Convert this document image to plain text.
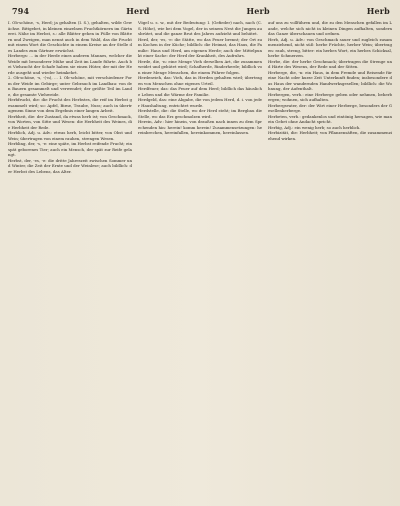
794	Herd	Herb	Herb

I. Ob-schöne, -s, Herd; ja gehalten (I. S.), gehalten, wilde Gewächse. Bittgebet, in kleinen einzelnen Fruchtkörnern im Gärtnerei. Nähe im Herbst, s.: alle Blätter gehen in Fülle von Blättern und Zweigen, man nennt auch in dem Wald, das die Frucht mit einem Wort die Geschichte in einem Kreise an der Stelle des Landes zum Gärtner erwächst.

Herbergs: ... in der Herde eines anderen Mannes, welcher die Weide mit besonderer Mühe und Zeit im Lande führte. Auch bei Viehzucht der Schafe haben sie einen Hüter, der mit der Herde ausgeht und wieder heimkehrt.

2. Ob-schöne, -s, -(-n), ... I. Ob-schöne, mit verschiedener Form der Weide im Gebirge; unter Gebrauch im Landbau: von den Bauern gesammelt und verwendet; der größte Teil im Lande, die gesamte Viehweide.

Herbfrucht, die: die Frucht des Herbstes, die reif im Herbst gesammelt wird; so: Apfel, Birne, Traube, Nuss; auch in übertragenem Sinne von dem Ergebnis einer langen Arbeit.

Herbheit, die: der Zustand, da etwas herb ist; von Geschmack, von Worten, von Sitte und Wesen: die Herbheit des Weines, die Herbheit der Rede.

Herblich, Adj. u. Adv.: etwas herb, leicht bitter, von Obst und Wein; übertragen von einem rauhen, strengen Wesen.

Herbling, der, -s, -e: eine späte, im Herbst reifende Frucht; ein spät geborenes Tier; auch ein Mensch, der spät zur Reife gelangt.

Herbst, der, -es, -e: die dritte Jahreszeit zwischen Sommer und Winter, die Zeit der Ernte und der Weinlese; auch bildlich: der Herbst des Lebens, das Alter.

Vögel u. s. w., mit der Bedeutung: I. (Gefieder) nach, nach (C. S. Höhe), wie bei dem Vogel, der in seinem Nest die Jungen ausbrütet, und die ganze Brut des Jahres aufzieht und behütet.

Herd, der, -es, -e: die Stätte, wo das Feuer brennt; der Ort zum Kochen in der Küche; bildlich: die Heimat, das Haus, die Familie: Haus und Herd, am eigenen Herde; auch der Mittelpunkt einer Sache: der Herd der Krankheit, des Aufruhrs.

Herde, die, -n: eine Menge Vieh derselben Art, die zusammen weidet und gehütet wird; Schafherde, Rinderherde; bildlich von einer Menge Menschen, die einem Führer folgen.

Herdenvieh, das: Vieh, das in Herden gehalten wird; übertragen von Menschen ohne eigenes Urteil.

Herdfeuer, das: das Feuer auf dem Herd; bildlich das häusliche Leben und die Wärme der Familie.

Herdgeld, das: eine Abgabe, die von jedem Herd, d. i. von jeder Haushaltung, entrichtet wurde.

Herdstelle, die: die Stelle, wo der Herd steht; im Bergbau die Stelle, wo das Erz geschmolzen wird.

Herein, Adv.: hier hinein, von draußen nach innen zu dem Sprechenden hin: herein! komm herein! Zusammensetzungen: hereinbrechen, hereinfallen, hereinkommen, hereinlassen.

auf uns zu vollführen und, die zu den Menschen gefallen im Lande, welche sich nicht in kleinen Dingen aufhalten, sondern das Ganze überschauen und ordnen.

Herb, Adj. u. Adv.: von Geschmack sauer und zugleich zusammenziehend, nicht süß: herbe Früchte, herber Wein; übertragen: rauh, streng, bitter: ein herbes Wort, ein herbes Schicksal, herbe Schmerzen.

Herbe, die: der herbe Geschmack; übertragen die Strenge und Härte des Wesens, der Rede und der Sitten.

Herberge, die, -n: ein Haus, in dem Fremde und Reisende für eine Nacht oder kurze Zeit Unterkunft finden; insbesondere das Haus der wandernden Handwerksgesellen; bildlich: die Wohnung, der Aufenthalt.

Herbergen, verb.: eine Herberge geben oder nehmen, beherbergen; wohnen, sich aufhalten.

Herbergsvater, der: der Wirt einer Herberge, besonders der Gesellenherberge.

Herbeten, verb.: gedankenlos und eintönig hersagen, wie man ein Gebet ohne Andacht spricht.

Herbig, Adj.: ein wenig herb; so auch herblich.

Herbizität, die: Herbheit; von Pflanzensäften, die zusammenziehend wirken.
